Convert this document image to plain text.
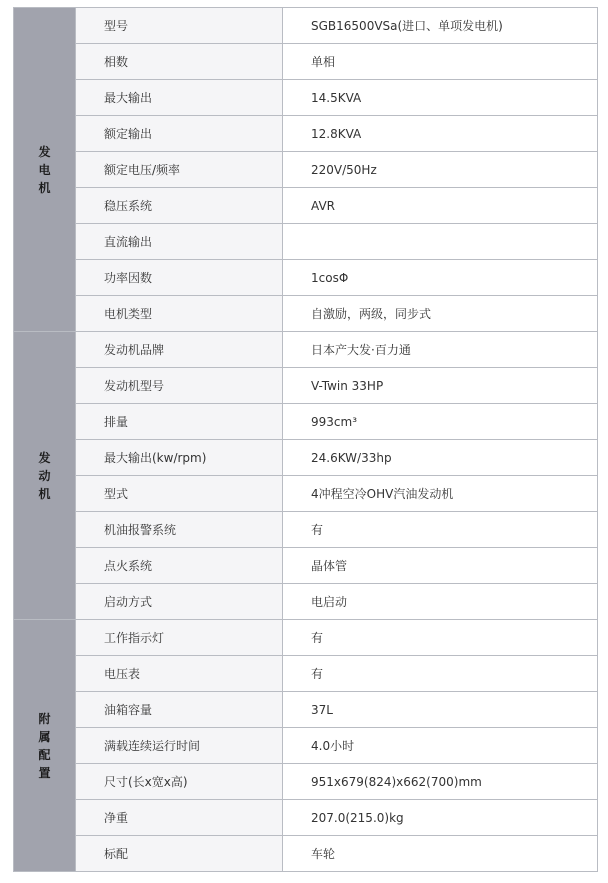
发电机	型号	SGB16500VSa(进口、单项发电机)
	相数	单相
	最大输出	14.5KVA
	额定输出	12.8KVA
	额定电压/频率	220V/50Hz
	稳压系统	AVR
	直流输出	
	功率因数	1cosΦ
	电机类型	自激励，两级，同步式
发动机	发动机品牌	日本产大发·百力通
	发动机型号	V-Twin 33HP
	排量	993cm³
	最大输出(kw/rpm)	24.6KW/33hp
	型式	4冲程空冷OHV汽油发动机
	机油报警系统	有
	点火系统	晶体管
	启动方式	电启动
附属配置	工作指示灯	有
	电压表	有
	油箱容量	37L
	满载连续运行时间	4.0小时
	尺寸(长x宽x高)	951x679(824)x662(700)mm
	净重	207.0(215.0)kg
	标配	车轮
